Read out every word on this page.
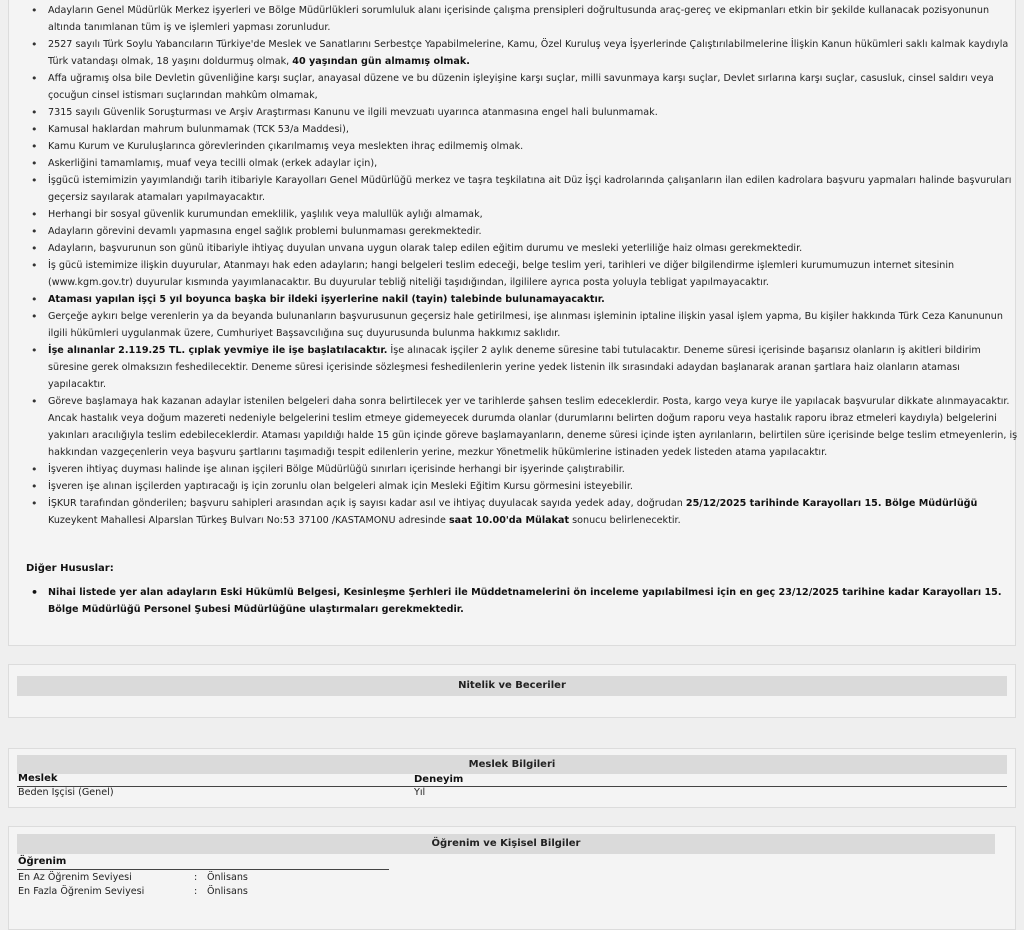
• Adayların Genel Müdürlük Merkez işyerleri ve Bölge Müdürlükleri sorumluluk alanı içerisinde çalışma prensipleri doğrultusunda araç-gereç ve ekipmanları etkin bir şekilde kullanacak pozisyonunun altında tanımlanan tüm iş ve işlemleri yapması zorunludur.
• 2527 sayılı Türk Soylu Yabancıların Türkiye'de Meslek ve Sanatlarını Serbestçe Yapabilmelerine, Kamu, Özel Kuruluş veya İşyerlerinde Çalıştırılabilmelerine İlişkin Kanun hükümleri saklı kalmak kaydıyla Türk vatandaşı olmak, 18 yaşını doldurmuş olmak, 40 yaşından gün almamış olmak.
• Affa uğramış olsa bile Devletin güvenliğine karşı suçlar, anayasal düzene ve bu düzenin işleyişine karşı suçlar, milli savunmaya karşı suçlar, Devlet sırlarına karşı suçlar, casusluk, cinsel saldırı veya çocuğun cinsel istismarı suçlarından mahkûm olmamak,
• 7315 sayılı Güvenlik Soruşturması ve Arşiv Araştırması Kanunu ve ilgili mevzuatı uyarınca atanmasına engel hali bulunmamak.
• Kamusal haklardan mahrum bulunmamak (TCK 53/a Maddesi),
• Kamu Kurum ve Kuruluşlarınca görevlerinden çıkarılmamış veya meslekten ihraç edilmemiş olmak.
• Askerliğini tamamlamış, muaf veya tecilli olmak (erkek adaylar için),
• İşgücü istemimizin yayımlandığı tarih itibariyle Karayolları Genel Müdürlüğü merkez ve taşra teşkilatına ait Düz İşçi kadrolarında çalışanların ilan edilen kadrolara başvuru yapmaları halinde başvuruları geçersiz sayılarak atamaları yapılmayacaktır.
• Herhangi bir sosyal güvenlik kurumundan emeklilik, yaşlılık veya malullük aylığı almamak,
• Adayların görevini devamlı yapmasına engel sağlık problemi bulunmaması gerekmektedir.
• Adayların, başvurunun son günü itibariyle ihtiyaç duyulan unvana uygun olarak talep edilen eğitim durumu ve mesleki yeterliliğe haiz olması gerekmektedir.
• İş gücü istemimize ilişkin duyurular, Atanmayı hak eden adayların; hangi belgeleri teslim edeceği, belge teslim yeri, tarihleri ve diğer bilgilendirme işlemleri kurumumuzun internet sitesinin (www.kgm.gov.tr) duyurular kısmında yayımlanacaktır. Bu duyurular tebliğ niteliği taşıdığından, ilgililere ayrıca posta yoluyla tebligat yapılmayacaktır.
• Ataması yapılan işçi 5 yıl boyunca başka bir ildeki işyerlerine nakil (tayin) talebinde bulunamayacaktır.
• Gerçeğe aykırı belge verenlerin ya da beyanda bulunanların başvurusunun geçersiz hale getirilmesi, işe alınması işleminin iptaline ilişkin yasal işlem yapma, Bu kişiler hakkında Türk Ceza Kanununun ilgili hükümleri uygulanmak üzere, Cumhuriyet Başsavcılığına suç duyurusunda bulunma hakkımız saklıdır.
• İşe alınanlar 2.119.25 TL. çıplak yevmiye ile işe başlatılacaktır. İşe alınacak işçiler 2 aylık deneme süresine tabi tutulacaktır. Deneme süresi içerisinde başarısız olanların iş akitleri bildirim süresine gerek olmaksızın feshedilecektir. Deneme süresi içerisinde sözleşmesi feshedilenlerin yerine yedek listenin ilk sırasındaki adaydan başlanarak aranan şartlara haiz olanların ataması yapılacaktır.
• Göreve başlamaya hak kazanan adaylar istenilen belgeleri daha sonra belirtilecek yer ve tarihlerde şahsen teslim edeceklerdir. Posta, kargo veya kurye ile yapılacak başvurular dikkate alınmayacaktır. Ancak hastalık veya doğum mazereti nedeniyle belgelerini teslim etmeye gidemeyecek durumda olanlar (durumlarını belirten doğum raporu veya hastalık raporu ibraz etmeleri kaydıyla) belgelerini yakınları aracılığıyla teslim edebileceklerdir. Ataması yapıldığı halde 15 gün içinde göreve başlamayanların, deneme süresi içinde işten ayrılanların, belirtilen süre içerisinde belge teslim etmeyenlerin, iş hakkından vazgeçenlerin veya başvuru şartlarını taşımadığı tespit edilenlerin yerine, mezkur Yönetmelik hükümlerine istinaden yedek listeden atama yapılacaktır.
• İşveren ihtiyaç duyması halinde işe alınan işçileri Bölge Müdürlüğü sınırları içerisinde herhangi bir işyerinde çalıştırabilir.
• İşveren işe alınan işçilerden yaptıracağı iş için zorunlu olan belgeleri almak için Mesleki Eğitim Kursu görmesini isteyebilir.
• İŞKUR tarafından gönderilen; başvuru sahipleri arasından açık iş sayısı kadar asıl ve ihtiyaç duyulacak sayıda yedek aday, doğrudan 25/12/2025 tarihinde Karayolları 15. Bölge Müdürlüğü Kuzeykent Mahallesi Alparslan Türkeş Bulvarı No:53 37100 /KASTAMONU adresinde saat 10.00'da Mülakat sonucu belirlenecektir.
Diğer Hususlar:
• Nihai listede yer alan adayların Eski Hükümlü Belgesi, Kesinleşme Şerhleri ile Müddetnamelerini ön inceleme yapılabilmesi için en geç 23/12/2025 tarihine kadar Karayolları 15. Bölge Müdürlüğü Personel Şubesi Müdürlüğüne ulaştırmaları gerekmektedir.
Nitelik ve Beceriler
Meslek Bilgileri
Meslek	Deneyim
Beden İşçisi (Genel)	Yıl
Öğrenim ve Kişisel Bilgiler
Öğrenim
En Az Öğrenim Seviyesi	: Önlisans
En Fazla Öğrenim Seviyesi	: Önlisans
